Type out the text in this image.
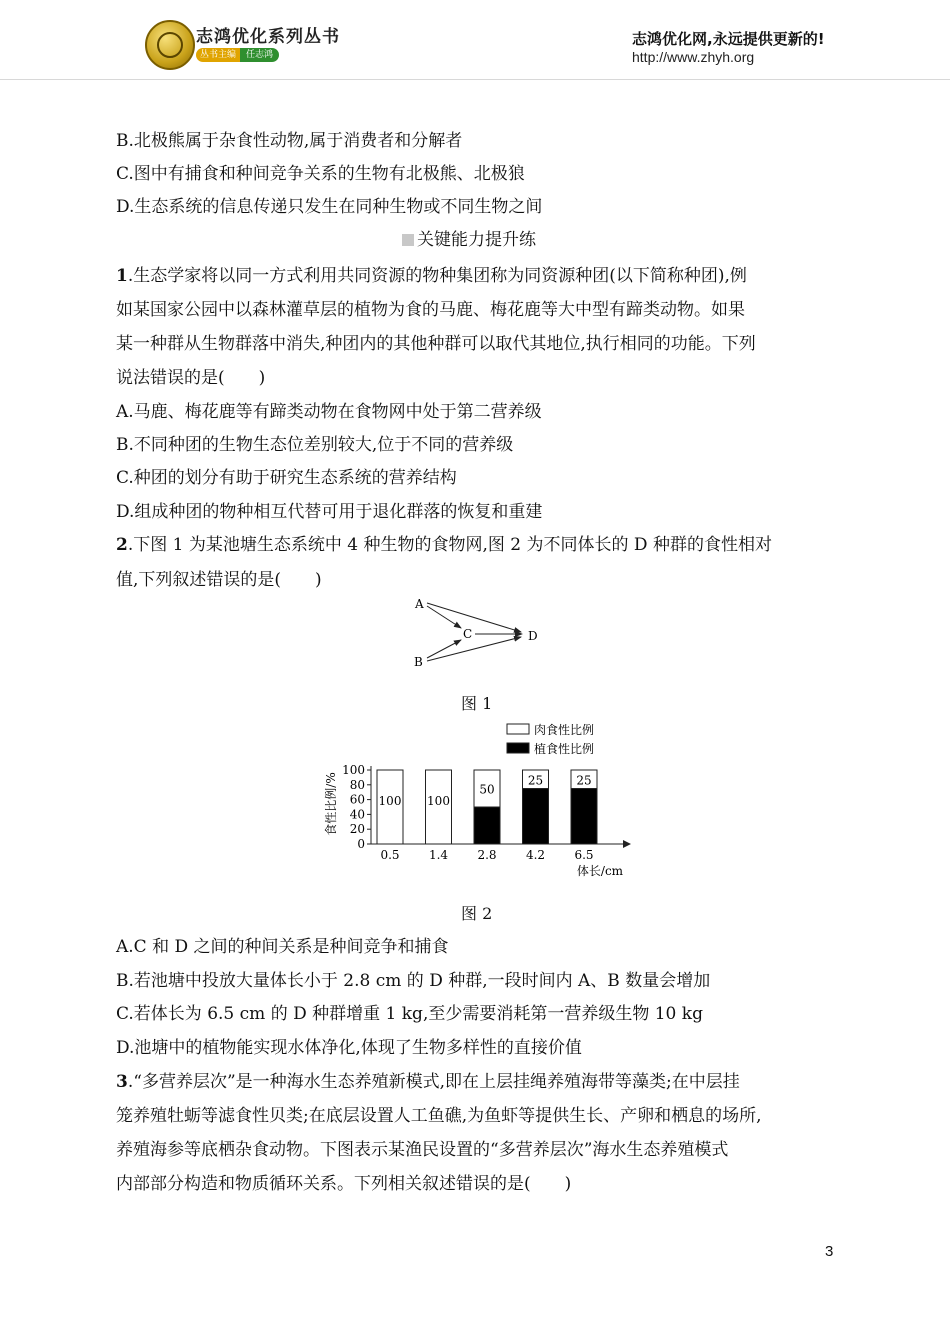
志鸿优化系列丛书
丛书主编	任志鸿
志鸿优化网,永远提供更新的!
http://www.zhyh.org
B.北极熊属于杂食性动物,属于消费者和分解者
C.图中有捕食和种间竞争关系的生物有北极熊、北极狼
D.生态系统的信息传递只发生在同种生物或不同生物之间
关键能力提升练
1.生态学家将以同一方式利用共同资源的物种集团称为同资源种团(以下简称种团),例
如某国家公园中以森林灌草层的植物为食的马鹿、梅花鹿等大中型有蹄类动物。如果
某一种群从生物群落中消失,种团内的其他种群可以取代其地位,执行相同的功能。下列
说法错误的是(　　)
A.马鹿、梅花鹿等有蹄类动物在食物网中处于第二营养级
B.不同种团的生物生态位差别较大,位于不同的营养级
C.种团的划分有助于研究生态系统的营养结构
D.组成种团的物种相互代替可用于退化群落的恢复和重建
2.下图 1 为某池塘生态系统中 4 种生物的食物网,图 2 为不同体长的 D 种群的食性相对
值,下列叙述错误的是(　　)
A
B
C	D
图 1
0
20
40
60
80
100
食性比例/%	100
0.5
100
1.4
50
2.8
25
4.2
25
6.5
体长/cm
肉食性比例
植食性比例
图 2
A.C 和 D 之间的种间关系是种间竞争和捕食
B.若池塘中投放大量体长小于 2.8 cm 的 D 种群,一段时间内 A、B 数量会增加
C.若体长为 6.5 cm 的 D 种群增重 1 kg,至少需要消耗第一营养级生物 10 kg
D.池塘中的植物能实现水体净化,体现了生物多样性的直接价值
3.“多营养层次”是一种海水生态养殖新模式,即在上层挂绳养殖海带等藻类;在中层挂
笼养殖牡蛎等滤食性贝类;在底层设置人工鱼礁,为鱼虾等提供生长、产卵和栖息的场所,
养殖海参等底栖杂食动物。下图表示某渔民设置的“多营养层次”海水生态养殖模式
内部部分构造和物质循环关系。下列相关叙述错误的是(　　)
3
